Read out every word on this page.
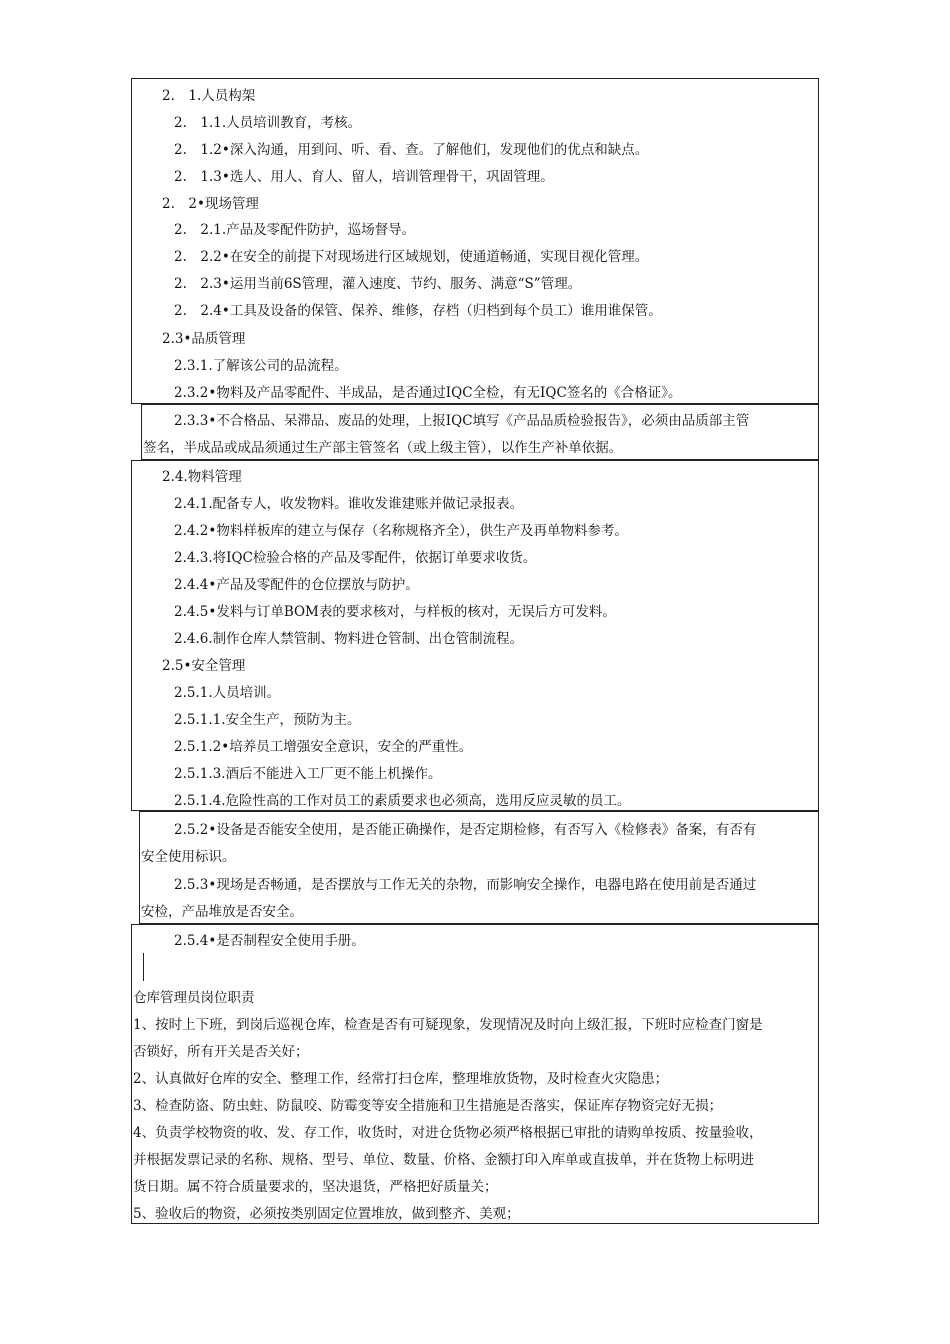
2.　1.人员构架
2.　1.1.人员培训教育，考核。
2.　1.2•深入沟通，用到问、听、看、查。了解他们，发现他们的优点和缺点。
2.　1.3•选人、用人、育人、留人，培训管理骨干，巩固管理。
2.　2•现场管理
2.　2.1.产品及零配件防护，巡场督导。
2.　2.2•在安全的前提下对现场进行区域规划，使通道畅通，实现目视化管理。
2.　2.3•运用当前6S管理，灌入速度、节约、服务、满意“S”管理。
2.　2.4•工具及设备的保管、保养、维修，存档（归档到每个员工）谁用谁保管。
2.3•品质管理
2.3.1.了解该公司的品流程。
2.3.2•物料及产品零配件、半成品，是否通过IQC全检，有无IQC签名的《合格证》。
2.3.3•不合格品、呆滞品、废品的处理，上报IQC填写《产品品质检验报告》，必须由品质部主管
签名，半成品或成品须通过生产部主管签名（或上级主管），以作生产补单依据。
2.4.物料管理
2.4.1.配备专人，收发物料。谁收发谁建账并做记录报表。
2.4.2•物料样板库的建立与保存（名称规格齐全），供生产及再单物料参考。
2.4.3.将IQC检验合格的产品及零配件，依据订单要求收货。
2.4.4•产品及零配件的仓位摆放与防护。
2.4.5•发料与订单BOM表的要求核对，与样板的核对，无误后方可发料。
2.4.6.制作仓库人禁管制、物料进仓管制、出仓管制流程。
2.5•安全管理
2.5.1.人员培训。
2.5.1.1.安全生产，预防为主。
2.5.1.2•培养员工增强安全意识，安全的严重性。
2.5.1.3.酒后不能进入工厂更不能上机操作。
2.5.1.4.危险性高的工作对员工的素质要求也必须高，选用反应灵敏的员工。
2.5.2•设备是否能安全使用，是否能正确操作，是否定期检修，有否写入《检修表》备案，有否有
安全使用标识。
2.5.3•现场是否畅通，是否摆放与工作无关的杂物，而影响安全操作，电器电路在使用前是否通过
安检，产品堆放是否安全。
2.5.4•是否制程安全使用手册。
仓库管理员岗位职责
1、按时上下班，到岗后巡视仓库，检查是否有可疑现象，发现情况及时向上级汇报，下班时应检查门窗是
否锁好，所有开关是否关好；
2、认真做好仓库的安全、整理工作，经常打扫仓库，整理堆放货物，及时检查火灾隐患；
3、检查防盗、防虫蛀、防鼠咬、防霉变等安全措施和卫生措施是否落实，保证库存物资完好无损；
4、负责学校物资的收、发、存工作，收货时，对进仓货物必须严格根据已审批的请购单按质、按量验收，
并根据发票记录的名称、规格、型号、单位、数量、价格、金额打印入库单或直拔单，并在货物上标明进
货日期。属不符合质量要求的，坚决退货，严格把好质量关；
5、验收后的物资，必须按类别固定位置堆放，做到整齐、美观；
